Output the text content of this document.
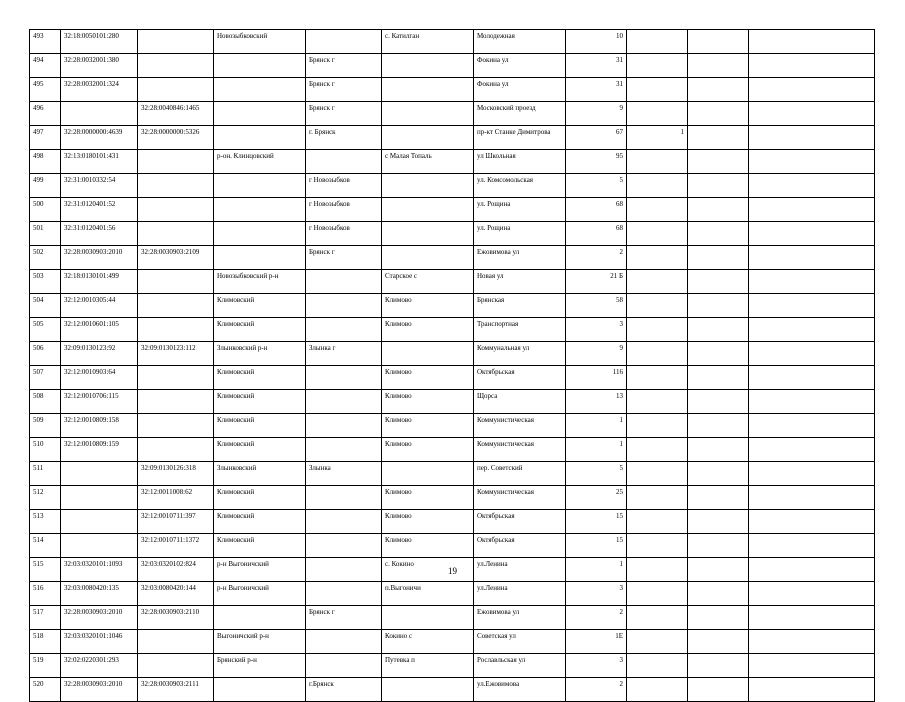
493	32:18:0050101:280		Новозыбковский		с. Катилган	Молодежная	10			
494	32:28:0032001:380			Брянск г		Фокина ул	31			
495	32:28:0032001:324			Брянск г		Фокина ул	31			
496		32:28:0040846:1465		Брянск г		Московский проезд	9			
497	32:28:0000000:4639	32:28:0000000:5326		г. Брянск		пр-кт Станке Димитрова	67	1		
498	32:13:0180101:431		р-он. Клинцовский		с Малая Топаль	ул Школьная	95			
499	32:31:0010332:54			г Новозыбков		ул. Комсомольская	5			
500	32:31:0120401:52			г Новозыбков		ул. Рощина	68			
501	32:31:0120401:56			г Новозыбков		ул. Рощина	68			
502	32:28:0030903:2010	32:28:0030903:2109		Брянск г		Ежовимова ул	2			
503	32:18:0130101:499		Новозыбковский р-н		Старское с	Новая ул	21 Б			
504	32:12:0010305:44		Климовский		Климово	Брянская	58			
505	32:12:0010601:105		Климовский		Климово	Транспортная	3			
506	32:09:0130123:92	32:09:0130123:112	Злынковский р-н	Злынка г		Коммунальная ул	9			
507	32:12:0010903:64		Климовский		Климово	Октябрьская	116			
508	32:12:0010706:115		Климовский		Климово	Щорса	13			
509	32:12:0010809:158		Климовский		Климово	Коммунистическая	1			
510	32:12:0010809:159		Климовский		Климово	Коммунистическая	1			
511		32:09:0130126:318	Злынковский	Злынка		пер. Советский	5			
512		32:12:0011008:62	Климовский		Климово	Коммунистическая	25			
513		32:12:0010711:397	Климовский		Климово	Октябрьская	15			
514		32:12:0010711:1372	Климовский		Климово	Октябрьская	15			
515	32:03:0320101:1093	32:03:0320102:824	р-н Выгоничский		с. Кокино	ул.Ленина	1			
516	32:03:0080420:135	32:03:0080420:144	р-н Выгоничский		п.Выгоничи	ул.Ленина	3			
517	32:28:0030903:2010	32:28:0030903:2110		Брянск г		Ежовимова ул	2			
518	32:03:0320101:1046		Выгоничский р-н		Кокино с	Советская ул	1Е			
519	32:02:0220301:293		Брянский р-н		Путевка п	Рославльская ул	3			
520	32:28:0030903:2010	32:28:0030903:2111		г.Брянск		ул.Ежовимова	2			
19
